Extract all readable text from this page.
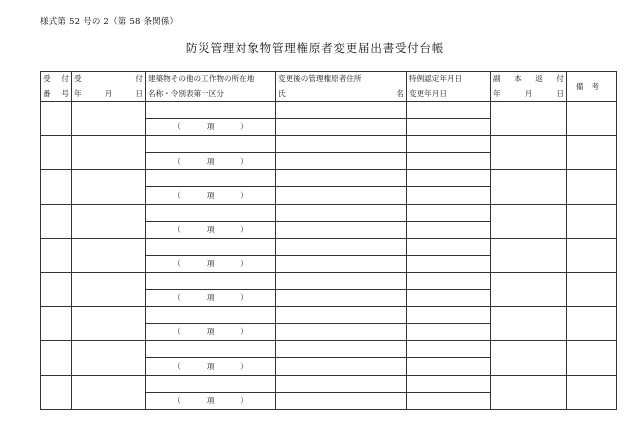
様式第 52 号の 2（第 58 条関係）
防災管理対象物管理権原者変更届出書受付台帳
受 付	受 付	建築物その他の工作物の所在地	変更後の管理権原者住所	特例認定年月日	副 本 返 付	備考

番 号	年 月 日	名称・令別表第一区分	氏 名	変更年月日	年 月 日	

		（ 項 ）				

		（ 項 ）				

		（ 項 ）				

		（ 項 ）				

		（ 項 ）				

		（ 項 ）				

		（ 項 ）				

		（ 項 ）				

		（ 項 ）				
